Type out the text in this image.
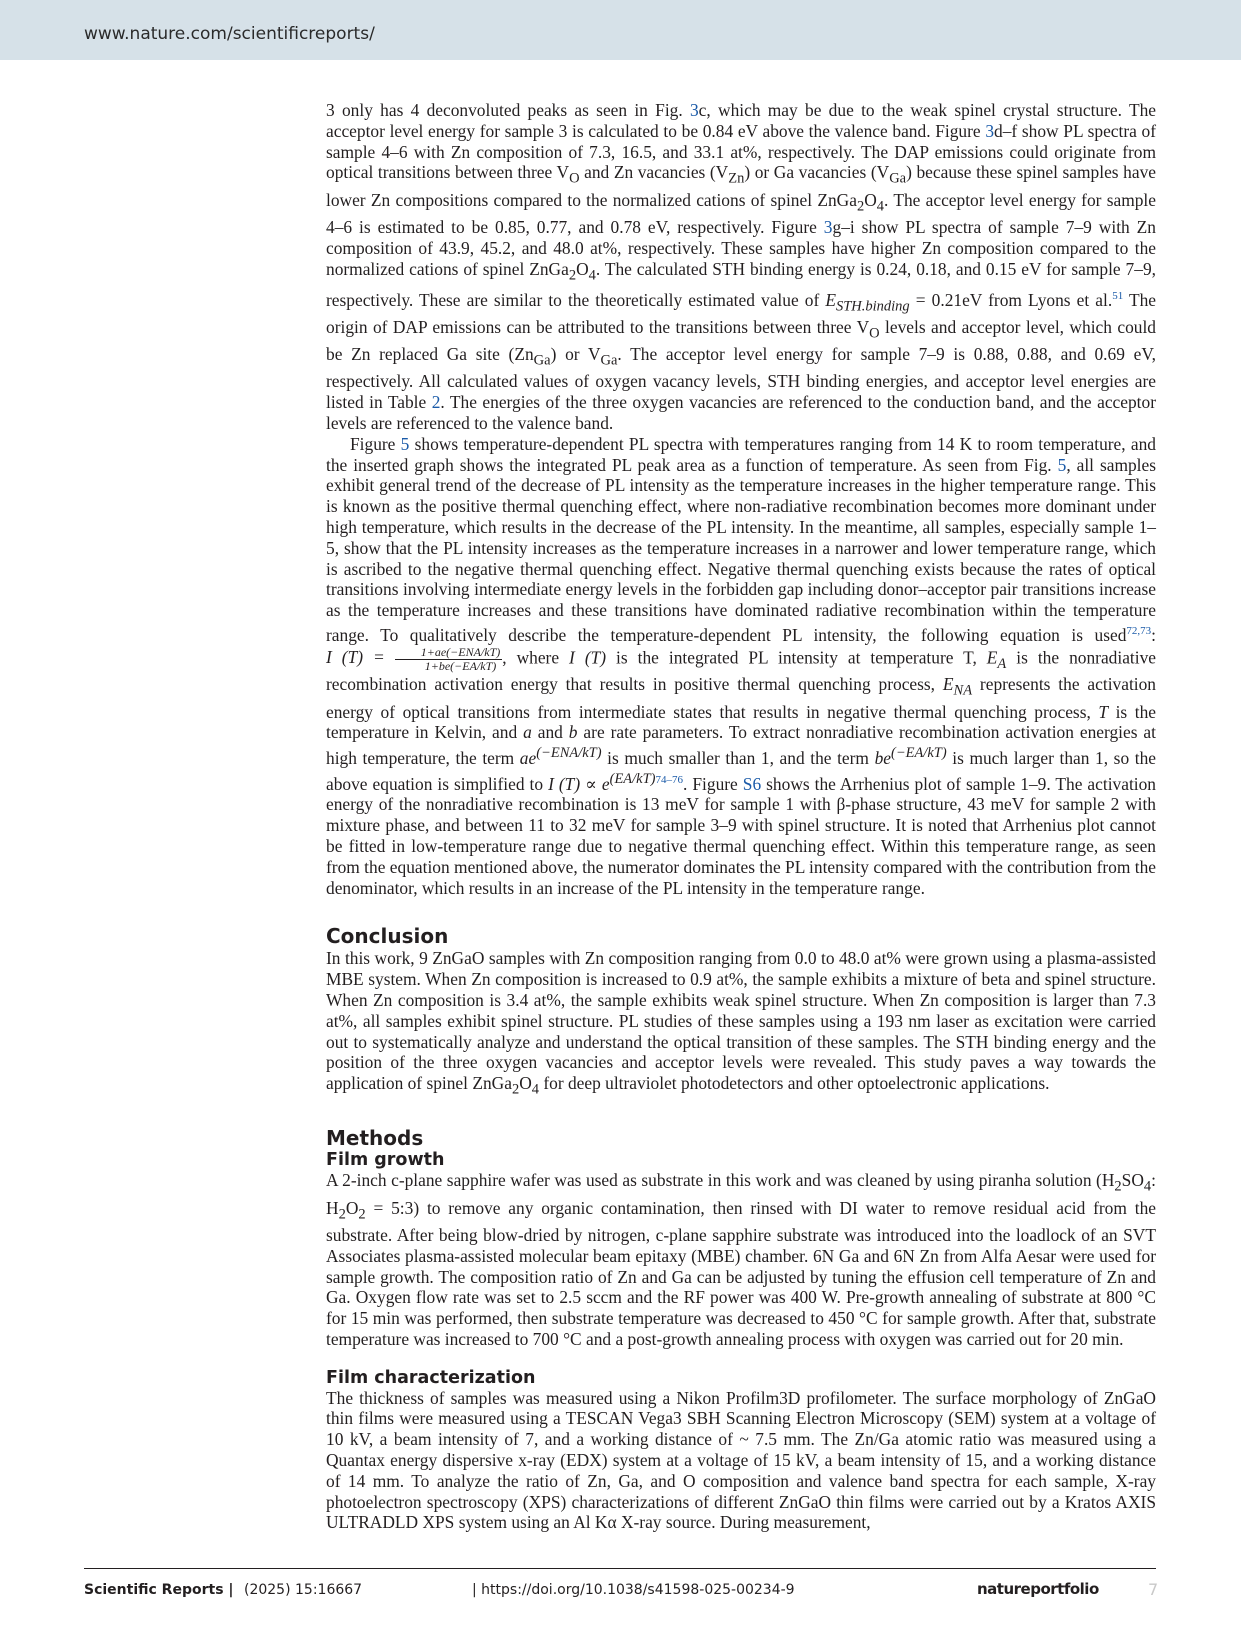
www.nature.com/scientificreports/

3 only has 4 deconvoluted peaks as seen in Fig. 3c, which may be due to the weak spinel crystal structure. The acceptor level energy for sample 3 is calculated to be 0.84 eV above the valence band. Figure 3d–f show PL spectra of sample 4–6 with Zn composition of 7.3, 16.5, and 33.1 at%, respectively. The DAP emissions could originate from optical transitions between three $V_O$ and Zn vacancies $(V_{Zn})$ or Ga vacancies $(V_{Ga})$ because these spinel samples have lower Zn compositions compared to the normalized cations of spinel $ZnGa_2O_4$. The acceptor level energy for sample 4–6 is estimated to be 0.85, 0.77, and 0.78 eV, respectively. Figure 3g–i show PL spectra of sample 7–9 with Zn composition of 43.9, 45.2, and 48.0 at%, respectively. These samples have higher Zn composition compared to the normalized cations of spinel $ZnGa_2O_4$. The calculated STH binding energy is 0.24, 0.18, and 0.15 eV for sample 7–9, respectively. These are similar to the theoretically estimated value of $E_{STH.binding} = 0.21eV$ from Lyons et al.$^{51}$ The origin of DAP emissions can be attributed to the transitions between three $V_O$ levels and acceptor level, which could be Zn replaced Ga site $(Zn_{Ga})$ or $V_{Ga}$. The acceptor level energy for sample 7–9 is 0.88, 0.88, and 0.69 eV, respectively. All calculated values of oxygen vacancy levels, STH binding energies, and acceptor level energies are listed in Table 2. The energies of the three oxygen vacancies are referenced to the conduction band, and the acceptor levels are referenced to the valence band.

Figure 5 shows temperature-dependent PL spectra with temperatures ranging from 14 K to room temperature, and the inserted graph shows the integrated PL peak area as a function of temperature. As seen from Fig. 5, all samples exhibit general trend of the decrease of PL intensity as the temperature increases in the higher temperature range. This is known as the positive thermal quenching effect, where non-radiative recombination becomes more dominant under high temperature, which results in the decrease of the PL intensity. In the meantime, all samples, especially sample 1–5, show that the PL intensity increases as the temperature increases in a narrower and lower temperature range, which is ascribed to the negative thermal quenching effect. Negative thermal quenching exists because the rates of optical transitions involving intermediate energy levels in the forbidden gap including donor–acceptor pair transitions increase as the temperature increases and these transitions have dominated radiative recombination within the temperature range. To qualitatively describe the temperature-dependent PL intensity, the following equation is used$^{72,73}$: I $(T) = \frac{\text{1+ae(−ENA/kT)}}{1+be(-EA/kT)}$ , where I (T) is the integrated PL intensity at temperature T, $E_A$ is the nonradiative recombination activation energy that results in positive thermal quenching process, $E_{NA}$ represents the activation energy of optical transitions from intermediate states that results in negative thermal quenching process, T is the temperature in Kelvin, and a and b are rate parameters. To extract nonradiative recombination activation energies at high temperature, the term $ae^{(-ENA/kT)}$ is much smaller than 1, and the term $be^{(-EA/kT)}$ is much larger than 1, so the above equation is simplified to I (T) ∝ e$^{(EA/kT)74-76}$. Figure S6 shows the Arrhenius plot of sample 1–9. The activation energy of the nonradiative recombination is 13 meV for sample 1 with β-phase structure, 43 meV for sample 2 with mixture phase, and between 11 to 32 meV for sample 3–9 with spinel structure. It is noted that Arrhenius plot cannot be fitted in low-temperature range due to negative thermal quenching effect. Within this temperature range, as seen from the equation mentioned above, the numerator dominates the PL intensity compared with the contribution from the denominator, which results in an increase of the PL intensity in the temperature range.

Conclusion

In this work, 9 ZnGaO samples with Zn composition ranging from 0.0 to 48.0 at% were grown using a plasma-assisted MBE system. When Zn composition is increased to 0.9 at%, the sample exhibits a mixture of beta and spinel structure. When Zn composition is 3.4 at%, the sample exhibits weak spinel structure. When Zn composition is larger than 7.3 at%, all samples exhibit spinel structure. PL studies of these samples using a 193 nm laser as excitation were carried out to systematically analyze and understand the optical transition of these samples. The STH binding energy and the position of the three oxygen vacancies and acceptor levels were revealed. This study paves a way towards the application of spinel $ZnGa_2O_4$ for deep ultraviolet photodetectors and other optoelectronic applications.

Methods
Film growth

A 2-inch c-plane sapphire wafer was used as substrate in this work and was cleaned by using piranha solution ($H_2SO_4$: $H_2O_2$ = 5:3) to remove any organic contamination, then rinsed with DI water to remove residual acid from the substrate. After being blow-dried by nitrogen, c-plane sapphire substrate was introduced into the loadlock of an SVT Associates plasma-assisted molecular beam epitaxy (MBE) chamber. 6N Ga and 6N Zn from Alfa Aesar were used for sample growth. The composition ratio of Zn and Ga can be adjusted by tuning the effusion cell temperature of Zn and Ga. Oxygen flow rate was set to 2.5 sccm and the RF power was 400 W. Pre-growth annealing of substrate at 800 °C for 15 min was performed, then substrate temperature was decreased to 450 °C for sample growth. After that, substrate temperature was increased to 700 °C and a post-growth annealing process with oxygen was carried out for 20 min.

Film characterization

The thickness of samples was measured using a Nikon Profilm3D profilometer. The surface morphology of ZnGaO thin films were measured using a TESCAN Vega3 SBH Scanning Electron Microscopy (SEM) system at a voltage of 10 kV, a beam intensity of 7, and a working distance of ~ 7.5 mm. The Zn/Ga atomic ratio was measured using a Quantax energy dispersive x-ray (EDX) system at a voltage of 15 kV, a beam intensity of 15, and a working distance of 14 mm. To analyze the ratio of Zn, Ga, and O composition and valence band spectra for each sample, X-ray photoelectron spectroscopy (XPS) characterizations of different ZnGaO thin films were carried out by a Kratos AXIS ULTRADLD XPS system using an Al Kα X-ray source. During measurement,

Scientific Reports | (2025) 15:16667	| https://doi.org/10.1038/s41598-025-00234-9	natureportfolio	7
